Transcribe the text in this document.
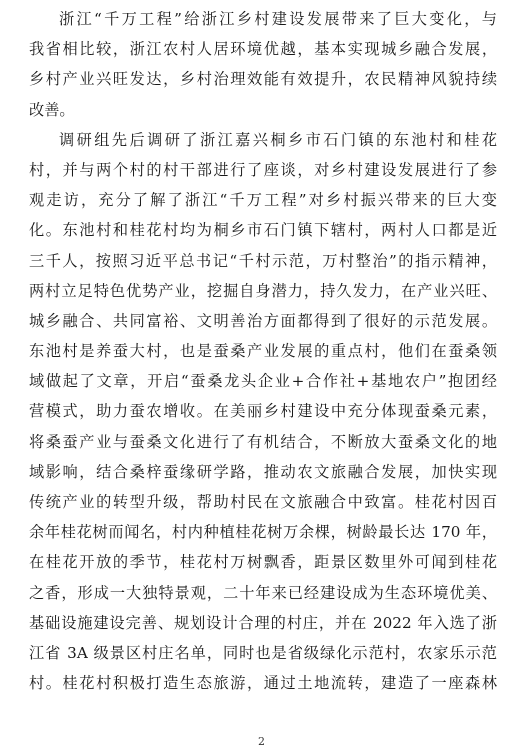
浙江“千万工程”给浙江乡村建设发展带来了巨大变化，与
我省相比较，浙江农村人居环境优越，基本实现城乡融合发展，
乡村产业兴旺发达，乡村治理效能有效提升，农民精神风貌持续
改善。
调研组先后调研了浙江嘉兴桐乡市石门镇的东池村和桂花
村，并与两个村的村干部进行了座谈，对乡村建设发展进行了参
观走访，充分了解了浙江“千万工程”对乡村振兴带来的巨大变
化。东池村和桂花村均为桐乡市石门镇下辖村，两村人口都是近
三千人，按照习近平总书记“千村示范，万村整治”的指示精神，
两村立足特色优势产业，挖掘自身潜力，持久发力，在产业兴旺、
城乡融合、共同富裕、文明善治方面都得到了很好的示范发展。
东池村是养蚕大村，也是蚕桑产业发展的重点村，他们在蚕桑领
域做起了文章，开启“蚕桑龙头企业+合作社+基地农户”抱团经
营模式，助力蚕农增收。在美丽乡村建设中充分体现蚕桑元素，
将桑蚕产业与蚕桑文化进行了有机结合，不断放大蚕桑文化的地
域影响，结合桑梓蚕缘研学路，推动农文旅融合发展，加快实现
传统产业的转型升级，帮助村民在文旅融合中致富。桂花村因百
余年桂花树而闻名，村内种植桂花树万余棵，树龄最长达 170 年，
在桂花开放的季节，桂花村万树飘香，距景区数里外可闻到桂花
之香，形成一大独特景观，二十年来已经建设成为生态环境优美、
基础设施建设完善、规划设计合理的村庄，并在 2022 年入选了浙
江省 3A 级景区村庄名单，同时也是省级绿化示范村，农家乐示范
村。桂花村积极打造生态旅游，通过土地流转，建造了一座森林
2
